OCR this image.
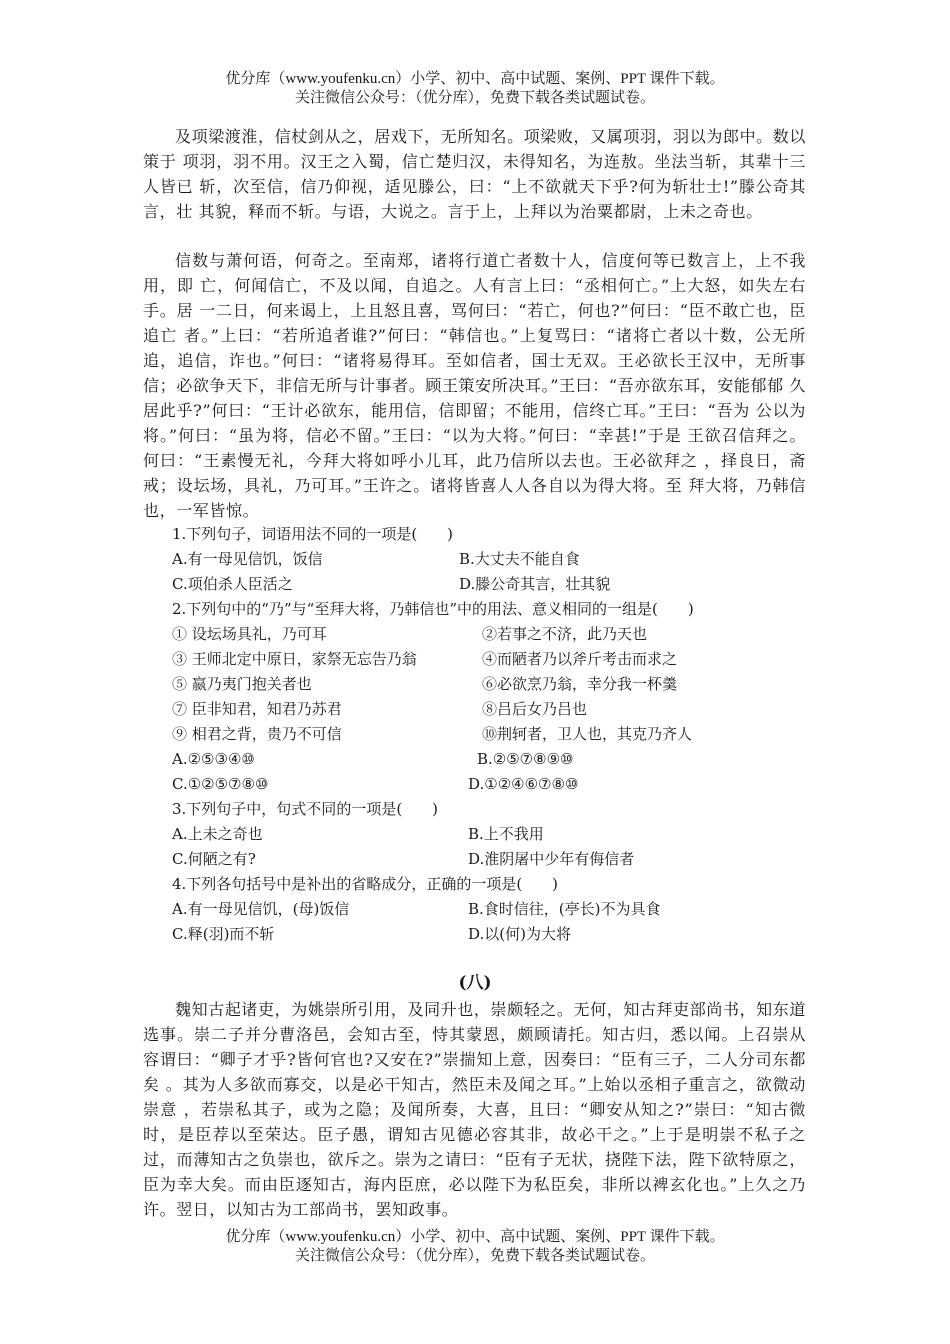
优分库（www.youfenku.cn）小学、初中、高中试题、案例、PPT 课件下载。
关注微信公众号：（优分库），免费下载各类试题试卷。

及项梁渡淮，信杖剑从之，居戏下，无所知名。项梁败，又属项羽，羽以为郎中。数以策于 项羽，羽不用。汉王之入蜀，信亡楚归汉，未得知名，为连敖。坐法当斩，其辈十三人皆已 斩，次至信，信乃仰视，适见滕公，曰：“上不欲就天下乎?何为斩壮士!”滕公奇其言，壮 其貌，释而不斩。与语，大说之。言于上，上拜以为治粟都尉，上未之奇也。

信数与萧何语，何奇之。至南郑，诸将行道亡者数十人，信度何等已数言上，上不我用，即 亡，何闻信亡，不及以闻，自追之。人有言上曰：“丞相何亡。”上大怒，如失左右手。居 一二日，何来谒上，上且怒且喜，骂何曰：“若亡，何也?”何曰：“臣不敢亡也，臣追亡 者。”上曰：“若所追者谁?”何曰：“韩信也。”上复骂曰：“诸将亡者以十数，公无所 追，追信，诈也。”何曰：“诸将易得耳。至如信者，国士无双。王必欲长王汉中，无所事 信；必欲争天下，非信无所与计事者。顾王策安所决耳。”王曰：“吾亦欲东耳，安能郁郁 久居此乎?”何曰：“王计必欲东，能用信，信即留；不能用，信终亡耳。”王曰：“吾为 公以为将。”何曰：“虽为将，信必不留。”王曰：“以为大将。”何曰：“幸甚!”于是 王欲召信拜之。何曰：“王素慢无礼，今拜大将如呼小儿耳，此乃信所以去也。王必欲拜之 ，择良日，斋戒；设坛场，具礼，乃可耳。”王许之。诸将皆喜人人各自以为得大将。至 拜大将，乃韩信也，一军皆惊。

1.下列句子，词语用法不同的一项是(　　)
A.有一母见信饥，饭信	B.大丈夫不能自食
C.项伯杀人臣活之	D.滕公奇其言，壮其貌
2.下列句中的“乃”与“至拜大将，乃韩信也”中的用法、意义相同的一组是(　　)
① 设坛场具礼，乃可耳	②若事之不济，此乃天也
③ 王师北定中原日，家祭无忘告乃翁	④而陋者乃以斧斤考击而求之
⑤ 嬴乃夷门抱关者也	⑥必欲烹乃翁，幸分我一杯羹
⑦ 臣非知君，知君乃苏君	⑧吕后女乃吕也
⑨ 相君之背，贵乃不可信	⑩荆轲者，卫人也，其克乃齐人
A.②⑤③④⑩	B.②⑤⑦⑧⑨⑩
C.①②⑤⑦⑧⑩	D.①②④⑥⑦⑧⑩
3.下列句子中，句式不同的一项是(　　)
A.上未之奇也	B.上不我用
C.何陋之有?	D.淮阴屠中少年有侮信者
4.下列各句括号中是补出的省略成分，正确的一项是(　　)
A.有一母见信饥，(母)饭信	B.食时信往，(亭长)不为具食
C.释(羽)而不斩	D.以(何)为大将
(八)

魏知古起诸吏，为姚崇所引用，及同升也，崇颇轻之。无何，知古拜吏部尚书，知东道选事。崇二子并分曹洛邑，会知古至，恃其蒙恩，颇顾请托。知古归，悉以闻。上召崇从容谓曰：“卿子才乎?皆何官也?又安在?”崇揣知上意，因奏曰：“臣有三子，二人分司东都矣 。其为人多欲而寡交，以是必干知古，然臣未及闻之耳。”上始以丞相子重言之，欲微动崇意 ，若崇私其子，或为之隐；及闻所奏，大喜，且曰：“卿安从知之?”崇曰：“知古微时，是臣荐以至荣达。臣子愚，谓知古见德必容其非，故必干之。”上于是明崇不私子之过，而薄知古之负崇也，欲斥之。崇为之请曰：“臣有子无状，挠陛下法，陛下欲特原之，臣为幸大矣。而由臣逐知古，海内臣庶，必以陛下为私臣矣，非所以裨玄化也。”上久之乃许。翌日，以知古为工部尚书，罢知政事。

优分库（www.youfenku.cn）小学、初中、高中试题、案例、PPT 课件下载。
关注微信公众号：（优分库），免费下载各类试题试卷。
